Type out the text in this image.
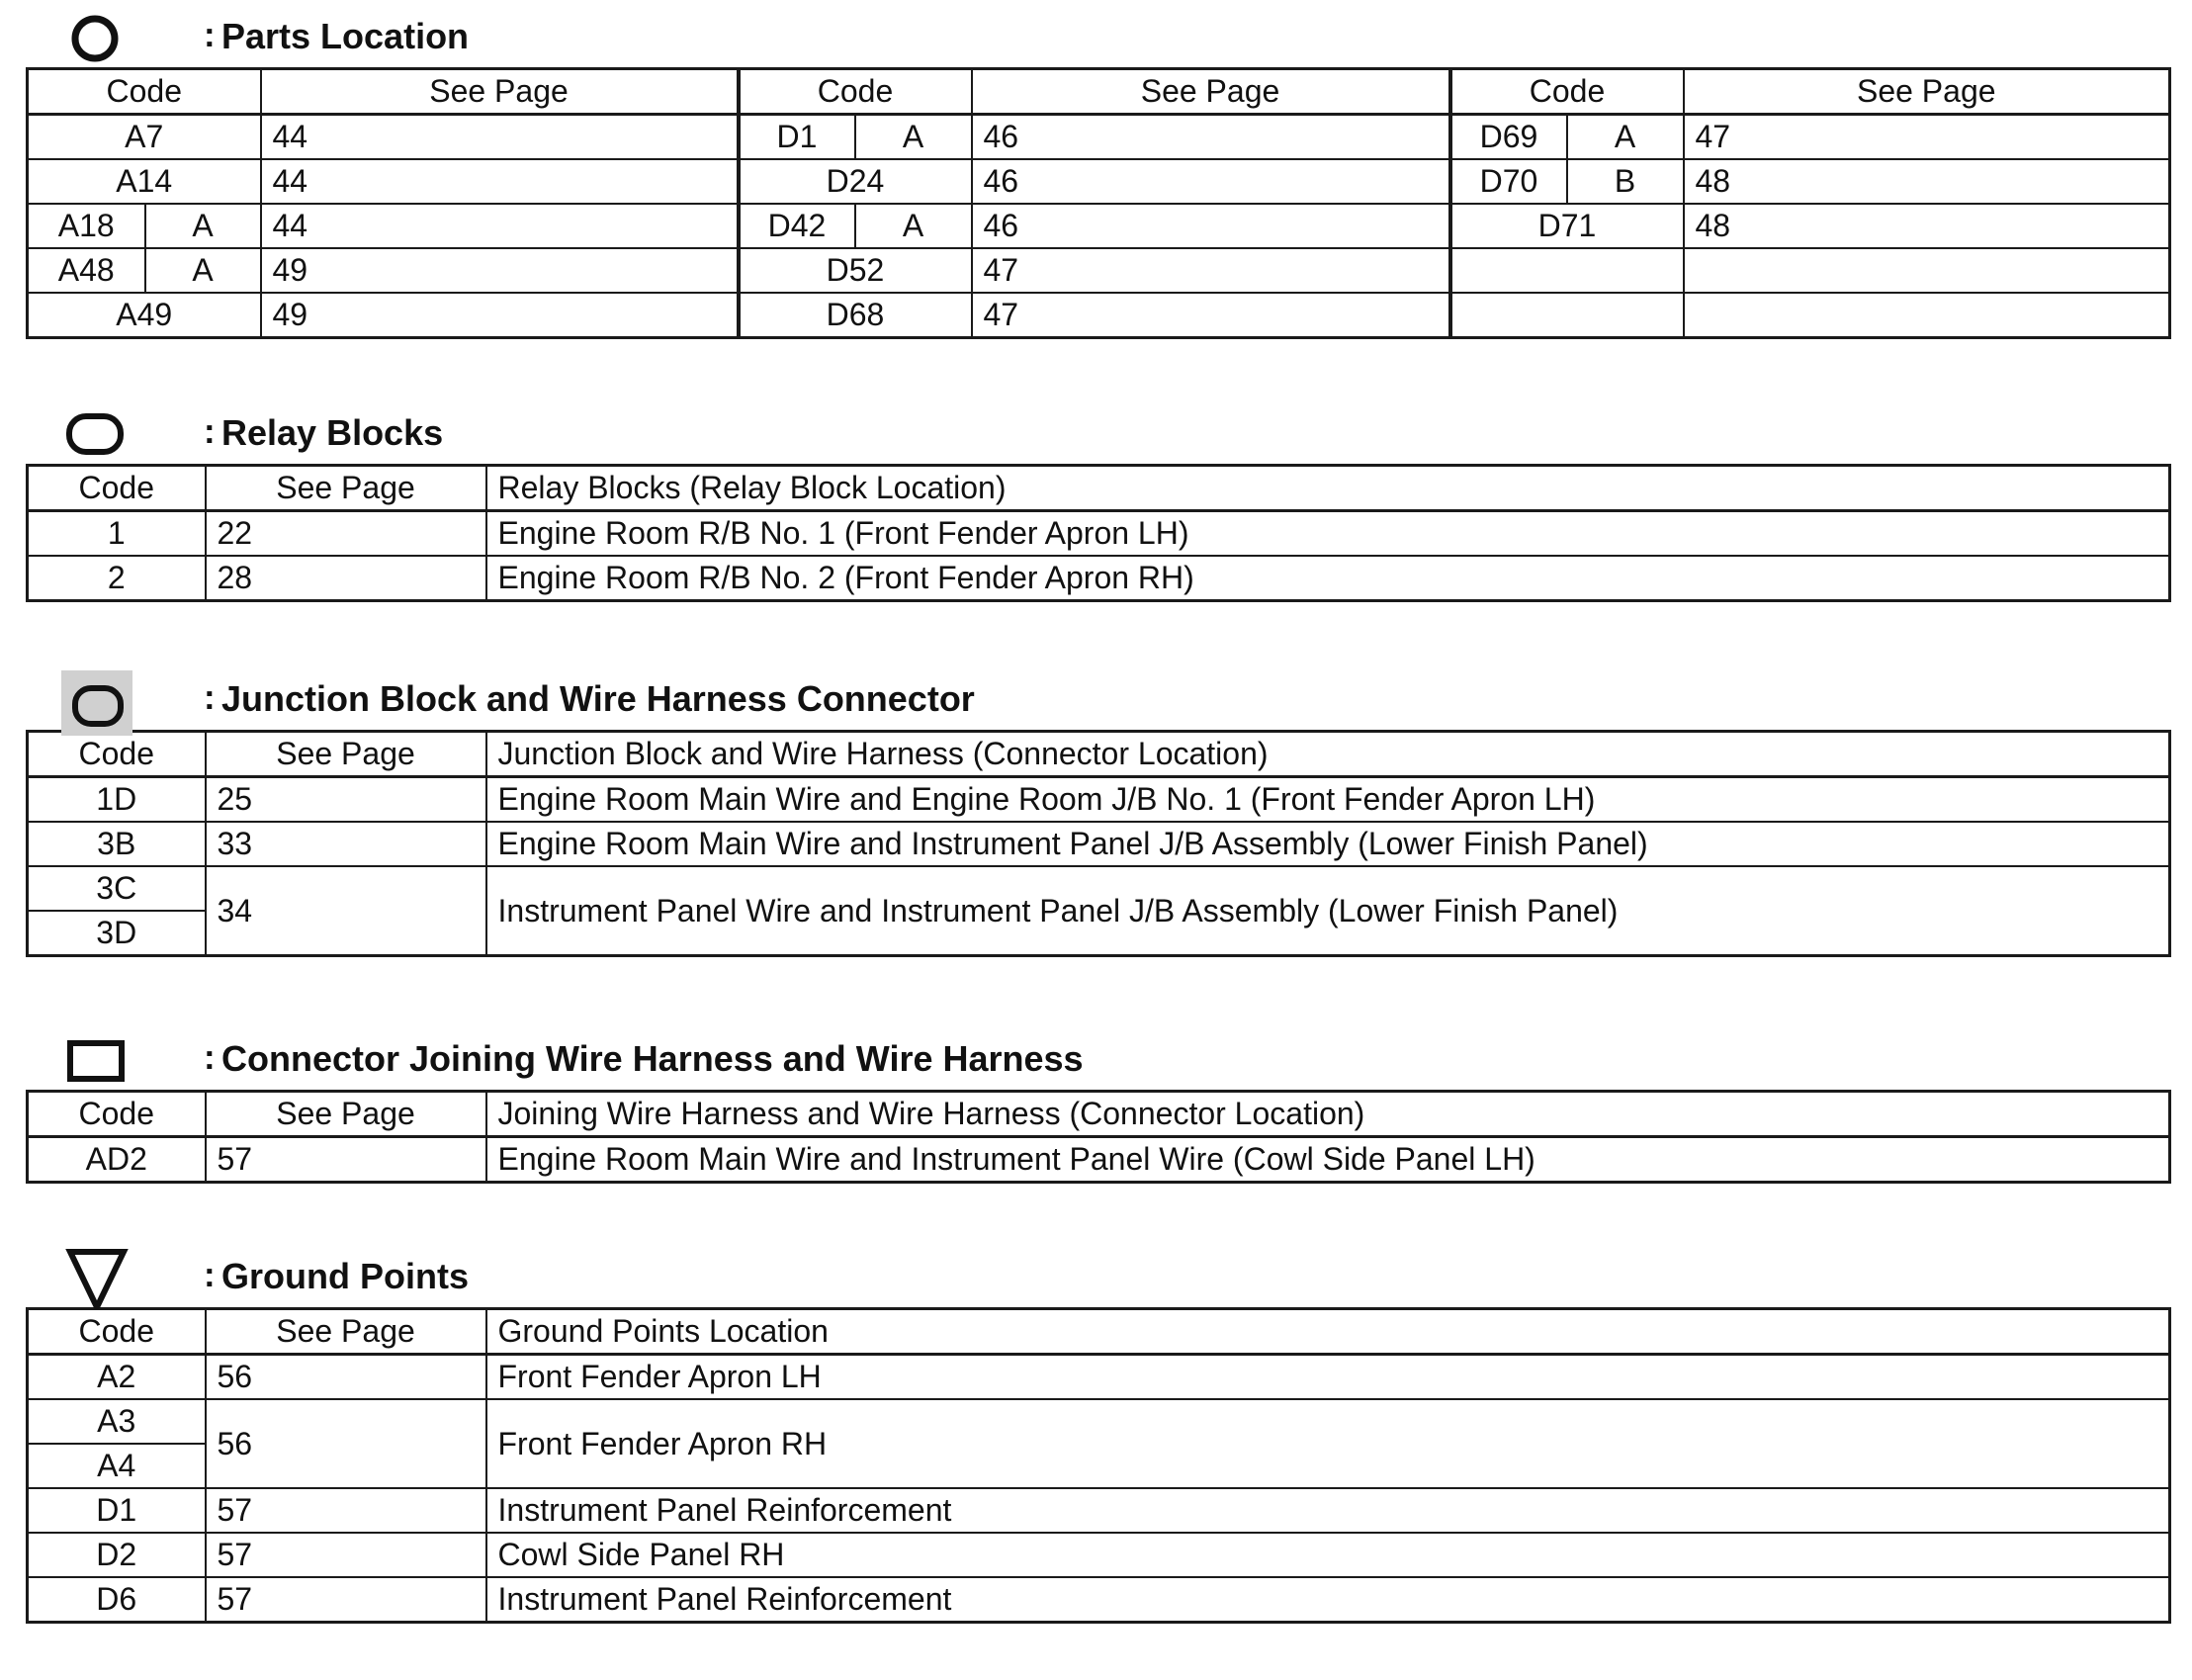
: Parts Location
Code		See Page	Code		See Page	Code		See Page
A7		44	D1	A	46	D69	A	47
A14		44	D24		46	D70	B	48
A18	A	44	D42	A	46	D71		48
A48	A	49	D52		47			
A49		49	D68		47			
: Relay Blocks
Code	See Page	Relay Blocks (Relay Block Location)
1	22	Engine Room R/B No. 1 (Front Fender Apron LH)
2	28	Engine Room R/B No. 2 (Front Fender Apron RH)
: Junction Block and Wire Harness Connector
Code	See Page	Junction Block and Wire Harness (Connector Location)
1D	25	Engine Room Main Wire and Engine Room J/B No. 1 (Front Fender Apron LH)
3B	33	Engine Room Main Wire and Instrument Panel J/B Assembly (Lower Finish Panel)
3C	34	Instrument Panel Wire and Instrument Panel J/B Assembly (Lower Finish Panel)
3D		
: Connector Joining Wire Harness and Wire Harness
Code	See Page	Joining Wire Harness and Wire Harness (Connector Location)
AD2	57	Engine Room Main Wire and Instrument Panel Wire (Cowl Side Panel LH)
: Ground Points
Code	See Page	Ground Points Location
A2	56	Front Fender Apron LH
A3	56	Front Fender Apron RH
A4		
D1	57	Instrument Panel Reinforcement
D2	57	Cowl Side Panel RH
D6	57	Instrument Panel Reinforcement
